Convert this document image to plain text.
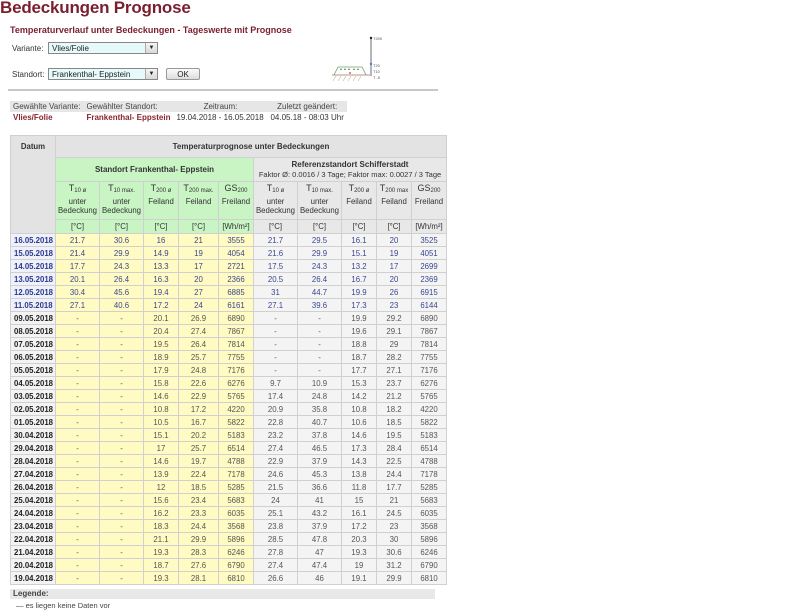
Bedeckungen Prognose
Temperaturverlauf unter Bedeckungen - Tageswerte mit Prognose
Variante:	Vlies/Folie	▼
Standort: Frankenthal- Eppstein	▼	OK
T200
T20
T10
T -5
Gewählte Variante:	Gewählter Standort:	Zeitraum:	Zuletzt geändert:
Vlies/Folie	Frankenthal- Eppstein	19.04.2018 - 16.05.2018	04.05.18 - 08:03 Uhr
Datum	Temperaturprognose unter Bedeckungen									
	Standort Frankenthal- Eppstein					Referenzstandort Schifferstadt
Faktor Ø: 0.0016 / 3 Tage; Faktor max: 0.0027 / 3 Tage				

	T10 ø
unter
Bedeckung	T10 max.
unter
Bedeckung	T200 ø
Feiland	T200 max.
Feiland	GS200
Freiland	T10 ø
unter
Bedeckung	T10 max.
unter
Bedeckung	T200 ø
Feiland	T200 max
Feiland	GS200
Freiland

	[°C]	[°C]	[°C]	[°C]	[Wh/m²]	[°C]	[°C]	[°C]	[°C]	[Wh/m²]
16.05.2018	21.7	30.6	16	21	3555	21.7	29.5	16.1	20	3525
15.05.2018	21.4	29.9	14.9	19	4054	21.6	29.9	15.1	19	4051
14.05.2018	17.7	24.3	13.3	17	2721	17.5	24.3	13.2	17	2699
13.05.2018	20.1	26.4	16.3	20	2366	20.5	26.4	16.7	20	2369
12.05.2018	30.4	45.6	19.4	27	6885	31	44.7	19.9	26	6915
11.05.2018	27.1	40.6	17.2	24	6161	27.1	39.6	17.3	23	6144
09.05.2018	-	-	20.1	26.9	6890	-	-	19.9	29.2	6890
08.05.2018	-	-	20.4	27.4	7867	-	-	19.6	29.1	7867
07.05.2018	-	-	19.5	26.4	7814	-	-	18.8	29	7814
06.05.2018	-	-	18.9	25.7	7755	-	-	18.7	28.2	7755
05.05.2018	-	-	17.9	24.8	7176	-	-	17.7	27.1	7176
04.05.2018	-	-	15.8	22.6	6276	9.7	10.9	15.3	23.7	6276
03.05.2018	-	-	14.6	22.9	5765	17.4	24.8	14.2	21.2	5765
02.05.2018	-	-	10.8	17.2	4220	20.9	35.8	10.8	18.2	4220
01.05.2018	-	-	10.5	16.7	5822	22.8	40.7	10.6	18.5	5822
30.04.2018	-	-	15.1	20.2	5183	23.2	37.8	14.6	19.5	5183
29.04.2018	-	-	17	25.7	6514	27.4	46.5	17.3	28.4	6514
28.04.2018	-	-	14.6	19.7	4788	22.9	37.9	14.3	22.5	4788
27.04.2018	-	-	13.9	22.4	7178	24.6	45.3	13.8	24.4	7178
26.04.2018	-	-	12	18.5	5285	21.5	36.6	11.8	17.7	5285
25.04.2018	-	-	15.6	23.4	5683	24	41	15	21	5683
24.04.2018	-	-	16.2	23.3	6035	25.1	43.2	16.1	24.5	6035
23.04.2018	-	-	18.3	24.4	3568	23.8	37.9	17.2	23	3568
22.04.2018	-	-	21.1	29.9	5896	28.5	47.8	20.3	30	5896
21.04.2018	-	-	19.3	28.3	6246	27.8	47	19.3	30.6	6246
20.04.2018	-	-	18.7	27.6	6790	27.4	47.4	19	31.2	6790
19.04.2018	-	-	19.3	28.1	6810	26.6	46	19.1	29.9	6810
Legende:
— es liegen keine Daten vor
